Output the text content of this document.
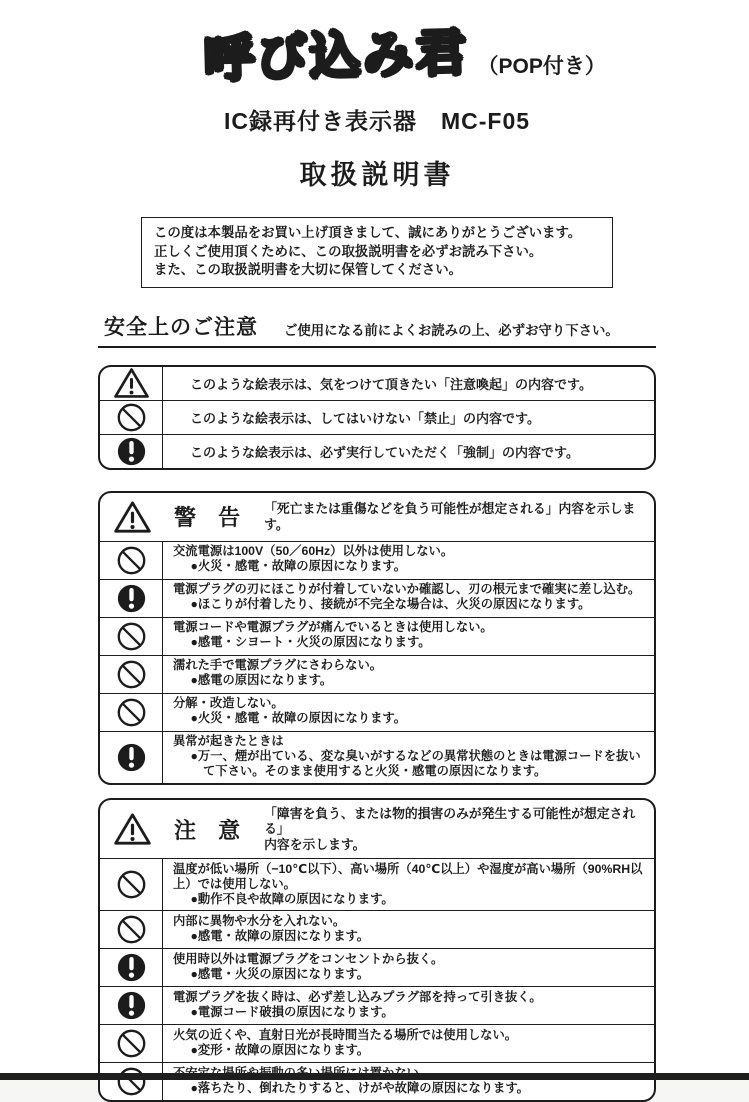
呼び込み君 （POP付き）
IC録再付き表示器　MC-F05
取扱説明書
この度は本製品をお買い上げ頂きまして、誠にありがとうございます。
正しくご使用頂くために、この取扱説明書を必ずお読み下さい。
また、この取扱説明書を大切に保管してください。
安全上のご注意 ご使用になる前によくお読みの上、必ずお守り下さい。
このような絵表示は、気をつけて頂きたい「注意喚起」の内容です。
このような絵表示は、してはいけない「禁止」の内容です。
このような絵表示は、必ず実行していただく「強制」の内容です。
警 告 「死亡または重傷などを負う可能性が想定される」内容を示します。
交流電源は100V（50／60Hz）以外は使用しない。
●火災・感電・故障の原因になります。
電源プラグの刃にほこりが付着していないか確認し、刃の根元まで確実に差し込む。
●ほこりが付着したり、接続が不完全な場合は、火災の原因になります。
電源コードや電源プラグが痛んでいるときは使用しない。
●感電・シヨート・火災の原因になります。
濡れた手で電源プラグにさわらない。
●感電の原因になります。
分解・改造しない。
●火災・感電・故障の原因になります。
異常が起きたときは
●万一、煙が出ている、変な臭いがするなどの異常状態のときは電源コードを抜いて下さい。そのまま使用すると火災・感電の原因になります。
注 意
「障害を負う、または物的損害のみが発生する可能性が想定される」
内容を示します。
温度が低い場所（−10℃以下）、高い場所（40℃以上）や湿度が高い場所（90%RH以上）では使用しない。
●動作不良や故障の原因になります。
内部に異物や水分を入れない。
●感電・故障の原因になります。
使用時以外は電源プラグをコンセントから抜く。
●感電・火災の原因になります。
電源プラグを抜く時は、必ず差し込みプラグ部を持って引き抜く。
●電源コード破損の原因になります。
火気の近くや、直射日光が長時間当たる場所では使用しない。
●変形・故障の原因になります。
●落ちたり、倒れたりすると、けがや故障の原因になります。
